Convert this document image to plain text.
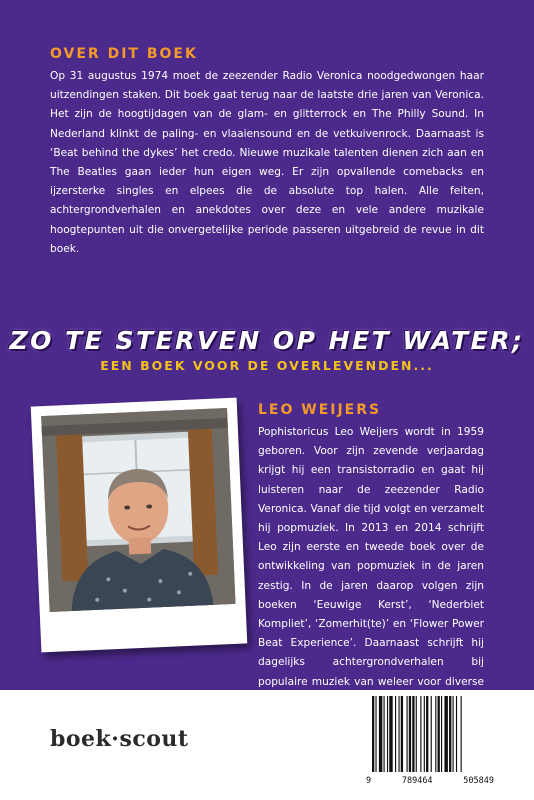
OVER DIT BOEK

Op 31 augustus 1974 moet de zeezender Radio Veronica noodgedwongen haar uitzendingen staken. Dit boek gaat terug naar de laatste drie jaren van Veronica. Het zijn de hoogtijdagen van de glam- en glitterrock en The Philly Sound. In Nederland klinkt de paling- en vlaaiensound en de vetkuivenrock. Daarnaast is ‘Beat behind the dykes’ het credo. Nieuwe muzikale talenten dienen zich aan en The Beatles gaan ieder hun eigen weg. Er zijn opvallende comebacks en ijzersterke singles en elpees die de absolute top halen. Alle feiten, achtergrondverhalen en anekdotes over deze en vele andere muzikale hoogtepunten uit die onvergetelijke periode passeren uitgebreid de revue in dit boek.

ZO TE STERVEN OP HET WATER;

EEN BOEK VOOR DE OVERLEVENDEN...

LEO WEIJERS

Pophistoricus Leo Weijers wordt in 1959 geboren. Voor zijn zevende verjaardag krijgt hij een transistorradio en gaat hij luisteren naar de zeezender Radio Veronica. Vanaf die tijd volgt en verzamelt hij popmuziek. In 2013 en 2014 schrijft Leo zijn eerste en tweede boek over de ontwikkeling van popmuziek in de jaren zestig. In de jaren daarop volgen zijn boeken ‘Eeuwige Kerst’, ‘Nederbiet Kompliet’, ‘Zomerhit(te)’ en ‘Flower Power Beat Experience’. Daarnaast schrijft hij dagelijks achtergrondverhalen bij populaire muziek van weleer voor diverse

boek·scout

9	789464	505849
